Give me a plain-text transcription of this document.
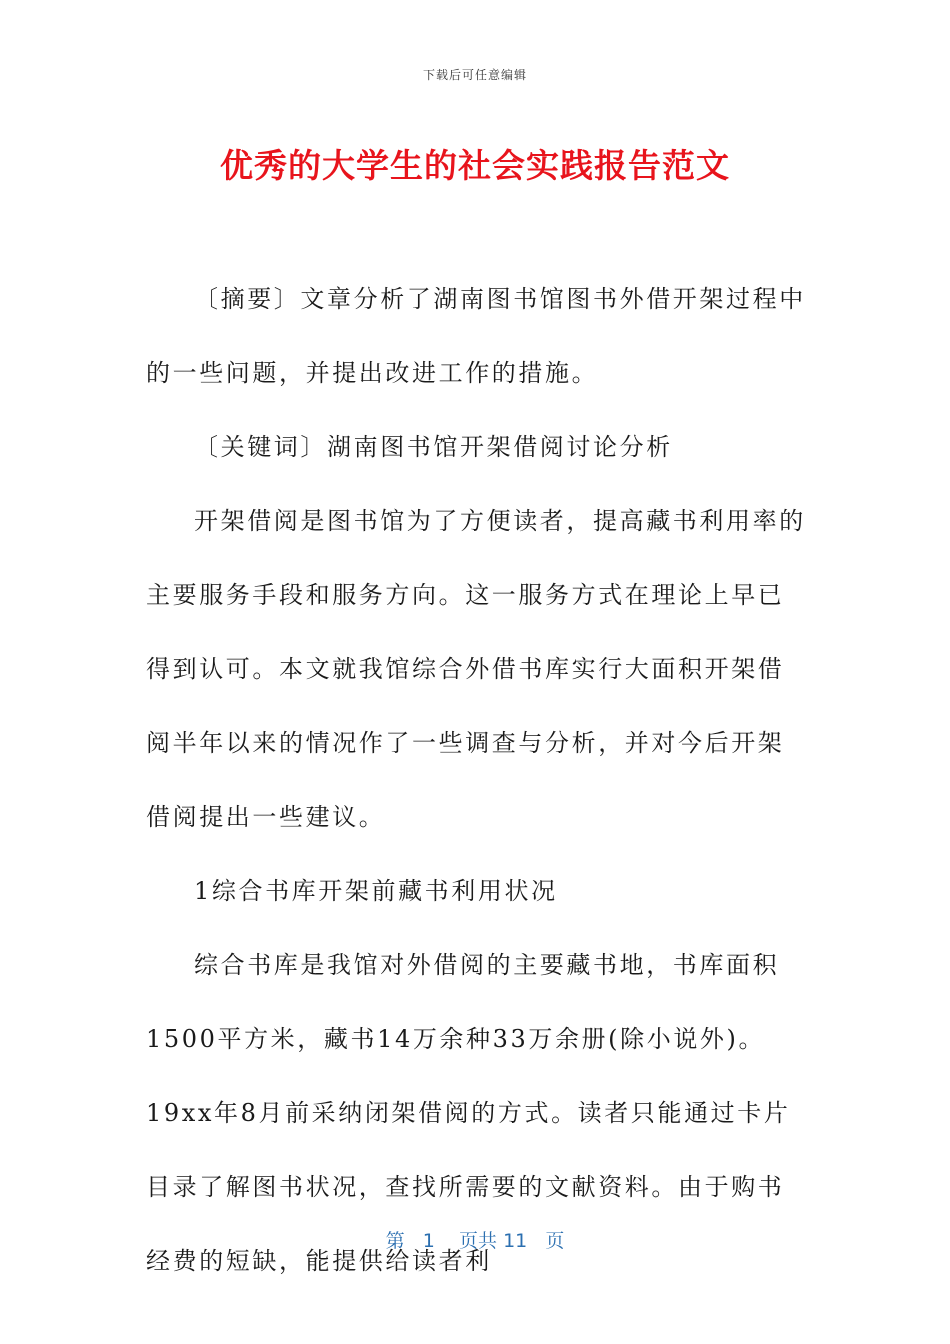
下载后可任意编辑
优秀的大学生的社会实践报告范文

〔摘要〕文章分析了湖南图书馆图书外借开架过程中的一些问题，并提出改进工作的措施。

〔关键词〕湖南图书馆开架借阅讨论分析

开架借阅是图书馆为了方便读者，提高藏书利用率的主要服务手段和服务方向。这一服务方式在理论上早已得到认可。本文就我馆综合外借书库实行大面积开架借阅半年以来的情况作了一些调查与分析，并对今后开架借阅提出一些建议。

1综合书库开架前藏书利用状况

综合书库是我馆对外借阅的主要藏书地，书库面积1500平方米，藏书14万余种33万余册(除小说外)。19xx年8月前采纳闭架借阅的方式。读者只能通过卡片目录了解图书状况，查找所需要的文献资料。由于购书经费的短缺，能提供给读者利

第 1 页共 11 页
